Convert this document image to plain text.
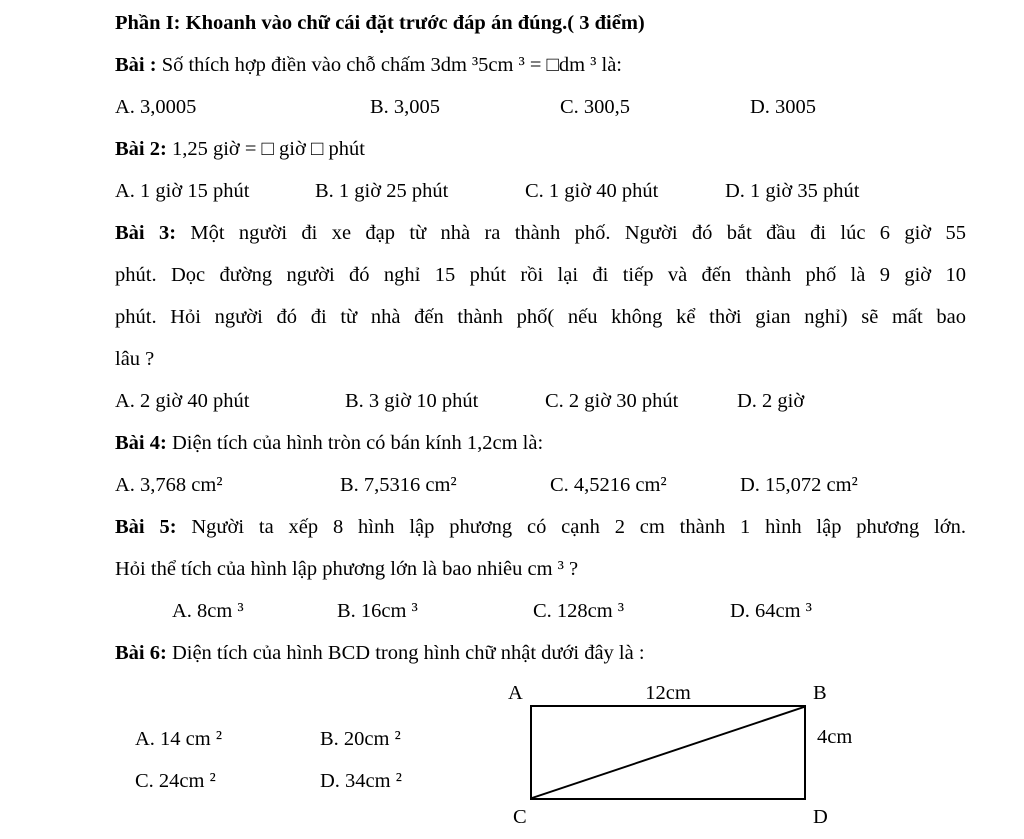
Phần I: Khoanh vào chữ cái đặt trước đáp án đúng.( 3 điểm)
Bài : Số thích hợp điền vào chỗ chấm 3dm ³5cm ³ = □dm ³ là:
A. 3,0005	B. 3,005	C. 300,5	D. 3005
Bài 2: 1,25 giờ = □ giờ □ phút
A. 1 giờ 15 phút	B. 1 giờ 25 phút	C. 1 giờ 40 phút	D. 1 giờ 35 phút
Bài 3: Một người đi xe đạp từ nhà ra thành phố. Người đó bắt đầu đi lúc 6 giờ 55
phút. Dọc đường người đó nghỉ 15 phút rồi lại đi tiếp và đến thành phố là 9 giờ 10
phút. Hỏi người đó đi từ nhà đến thành phố( nếu không kể thời gian nghỉ) sẽ mất bao
lâu ?
A. 2 giờ 40 phút	B. 3 giờ 10 phút	C. 2 giờ 30 phút	D. 2 giờ
Bài 4: Diện tích của hình tròn có bán kính 1,2cm là:
A. 3,768 cm²	B. 7,5316 cm²	C. 4,5216 cm²	D. 15,072 cm²
Bài 5: Người ta xếp 8 hình lập phương có cạnh 2 cm thành 1 hình lập phương lớn.
Hỏi thể tích của hình lập phương lớn là bao nhiêu cm ³ ?
A. 8cm ³	B. 16cm ³	C. 128cm ³	D. 64cm ³
Bài 6: Diện tích của hình BCD trong hình chữ nhật dưới đây là :
A. 14 cm ²	B. 20cm ²
C. 24cm ²	D. 34cm ²
A	12cm	B
4cm
C	D
